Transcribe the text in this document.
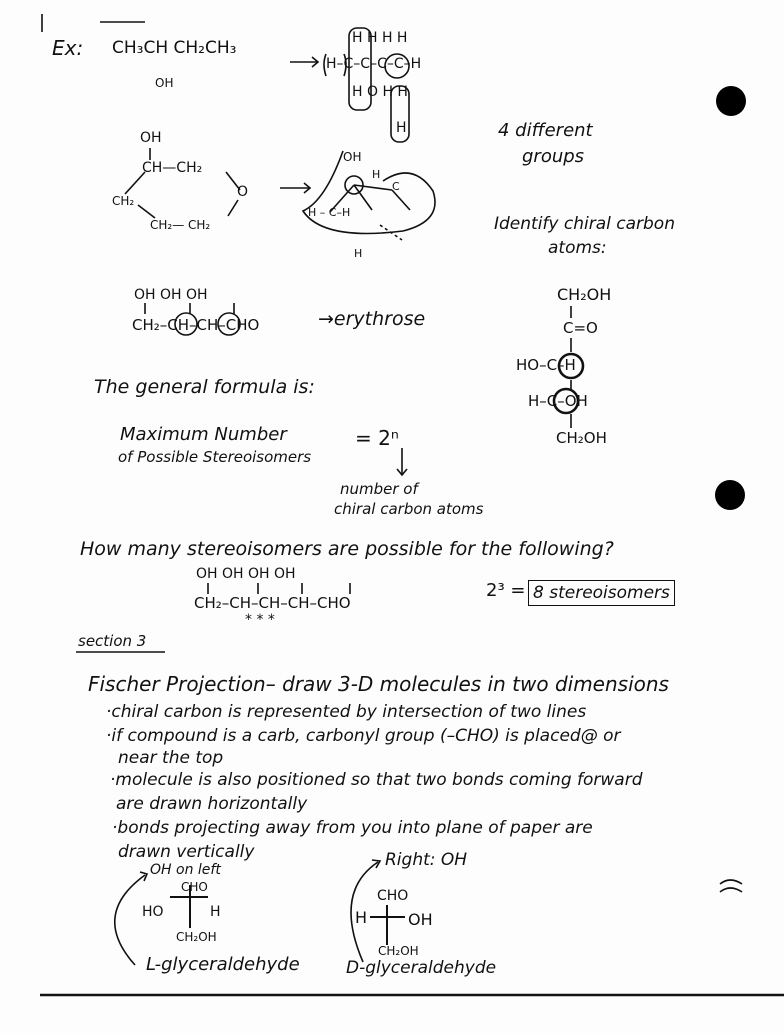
Ex: CH₃CH CH₂CH₃
OH
H H H H
H–C–C–C–C–H
H O H H
H	4 different
groups
OH
CH—CH₂
O
CH₂
CH₂— CH₂
OH
H
C
H – C–H
H
Identify chiral carbon
atoms:
OH OH OH
CH₂–CH–CH–CHO	→erythrose
CH₂OH
C=O
HO–C–H
H–C–OH
CH₂OH
The general formula is:
Maximum Number
of Possible Stereoisomers
= 2ⁿ
number of
chiral carbon atoms
How many stereoisomers are possible for the following?
OH OH OH OH
CH₂–CH–CH–CH–CHO
* * *
2³ = 8 stereoisomers
section 3
Fischer Projection– draw 3-D molecules in two dimensions
·chiral carbon is represented by intersection of two lines
·if compound is a carb, carbonyl group (–CHO) is placed@ or
near the top
·molecule is also positioned so that two bonds coming forward
are drawn horizontally
·bonds projecting away from you into plane of paper are
drawn vertically
OH on left
CHO
HO	H
CH₂OH
L-glyceraldehyde
Right: OH
CHO
H	OH
CH₂OH
D-glyceraldehyde
